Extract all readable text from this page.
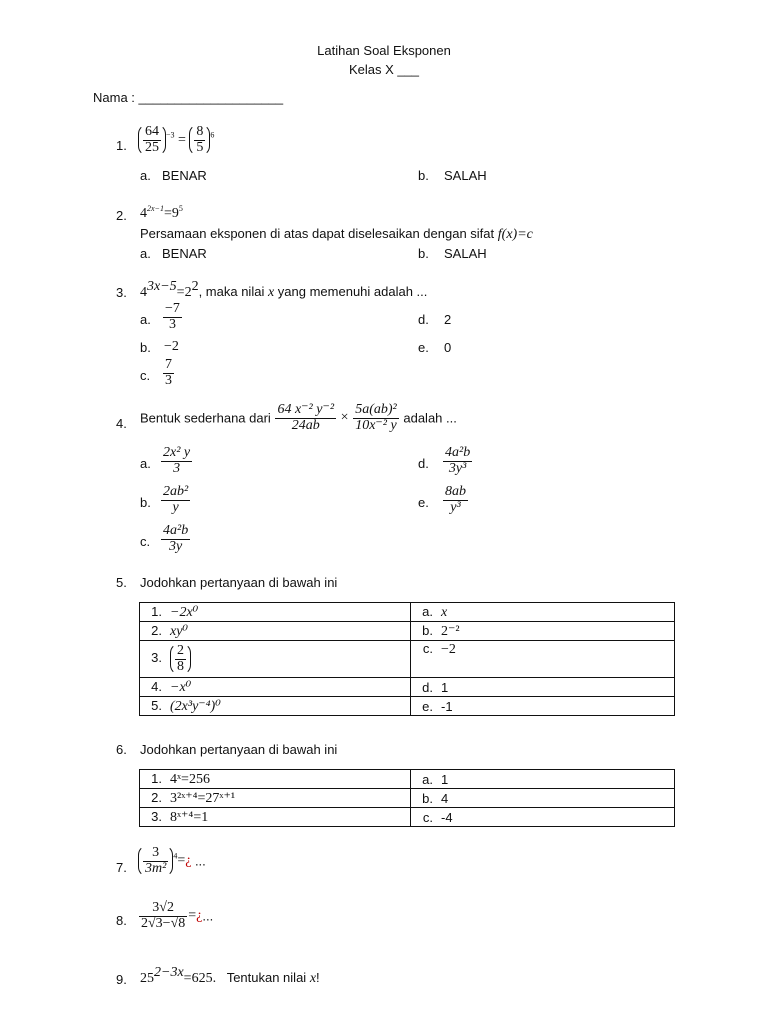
Latihan Soal Eksponen
Kelas X ___
Nama : ____________________
1. $\frac{64}{25} ^{-3} = \frac{8}{5} ^6$
a. BENAR	b. SALAH
2. $4^{2x-1}=9^5$
Persamaan eksponen di atas dapat diselesaikan dengan sifat f(x)=c
a. BENAR	b. SALAH
3. $4^{3x-5}=2^2$, maka nilai x yang memenuhi adalah ...
a. $\frac{-7}{3}$
b. −2
c. $\frac{7}{3}$
d. 2
e. 0
4. Bentuk sederhana dari $\frac{\text{64 x⁻² y⁻²}}{24ab} \times \frac{\text{5a(ab)²}}{\text{10x⁻² y}}$ adalah ...
a. $\frac{\text{2x² y}}{3}$
b. $\frac{\text{2ab²}}{y}$
c. $\frac{\text{4a²b}}{3y}$
d. $\frac{\text{4a²b}}{\text{3y³}}$
e. $\frac{8ab}{\text{y³}}$
5. Jodohkan pertanyaan di bawah ini
1. −2x⁰	a. x
2. xy⁰	b. 2⁻²
3. $\frac{2}{8}$	c. −2
4. −x⁰	d. 1
5. (2x³y⁻⁴)⁰	e. -1
6. Jodohkan pertanyaan di bawah ini
1. 4ˣ=256	a. 1
2. 3²ˣ⁺⁴=27ˣ⁺¹	b. 4
3. 8ˣ⁺⁴=1	c. -4
7. $\frac{3}{\text{3m²}}$ $^4$=¿ ...
8. $\frac{3√2}{2√3-√8}$ =¿...
9. $25^{2-3x}=625$. Tentukan nilai x!
